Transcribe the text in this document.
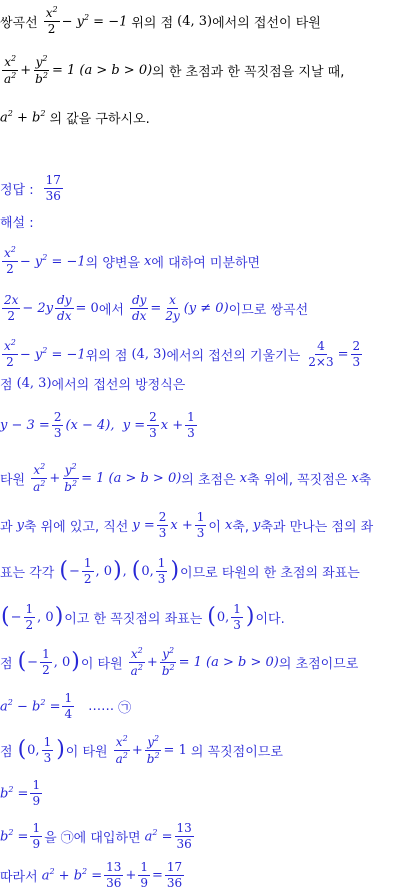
쌍곡선 $\frac{x^2}{2} - y^2 = -1$ 위의 점 (4, 3) 에서의 접선이 타원
$\frac{x^2}{a^2} + \frac{y^2}{b^2} = 1$ (a > b > 0) 의 한 초점과 한 꼭짓점을 지날 때,
$a^2 + b^2$ 의 값을 구하시오.
정답 : $\frac{17}{36}$
해설 :
$\frac{x^2}{2} - y^2 = -1$ 의 양변을 x 에 대하여 미분하면
$\frac{2x}{2} - 2y \frac{dy}{dx} = 0$ 에서 $\frac{dy}{dx} = \frac{x}{2y} (y \ne 0)$ 이므로 쌍곡선
$\frac{x^2}{2} - y^2 = -1$ 위의 점 (4, 3) 에서의 접선의 기울기는 $\frac{4}{2\times 3} = \frac{2}{3}$
점 (4, 3) 에서의 접선의 방정식은
$y - 3 = \frac{2}{3} (x - 4)$,  $y = \frac{2}{3}$ $x + \frac{1}{3}$
타원 $\frac{x^2}{a^2} + \frac{y^2}{b^2} = 1$ (a > b > 0) 의 초점은 x 축 위에, 꼭짓점은 x 축
과 y 축 위에 있고, 직선 $y = \frac{2}{3}$ $x + \frac{1}{3}$ 이 x 축, y 축과 만나는 점의 좌
표는 각각 ( − $\frac{1}{2}$ , 0 ) , ( 0, $\frac{1}{3}$ ) 이므로 타원의 한 초점의 좌표는
( − $\frac{1}{2}$ , 0 ) 이고 한 꼭짓점의 좌표는 ( 0, $\frac{1}{3}$ ) 이다.
점 ( − $\frac{1}{2}$ , 0 ) 이 타원 $\frac{x^2}{a^2} + \frac{y^2}{b^2} = 1$ (a > b > 0) 의 초점이므로
$a^2 - b^2 = \frac{1}{4}$ …… ㉠
점 ( 0, $\frac{1}{3}$ ) 이 타원 $\frac{x^2}{a^2} + \frac{y^2}{b^2} = 1$ 의 꼭짓점이므로
$b^2 = \frac{1}{9}$
$b^2 = \frac{1}{9}$ 을 ㉠ 에 대입하면 $a^2 = \frac{13}{36}$
따라서 $a^2 + b^2 = \frac{13}{36} + \frac{1}{9} = \frac{17}{36}$
